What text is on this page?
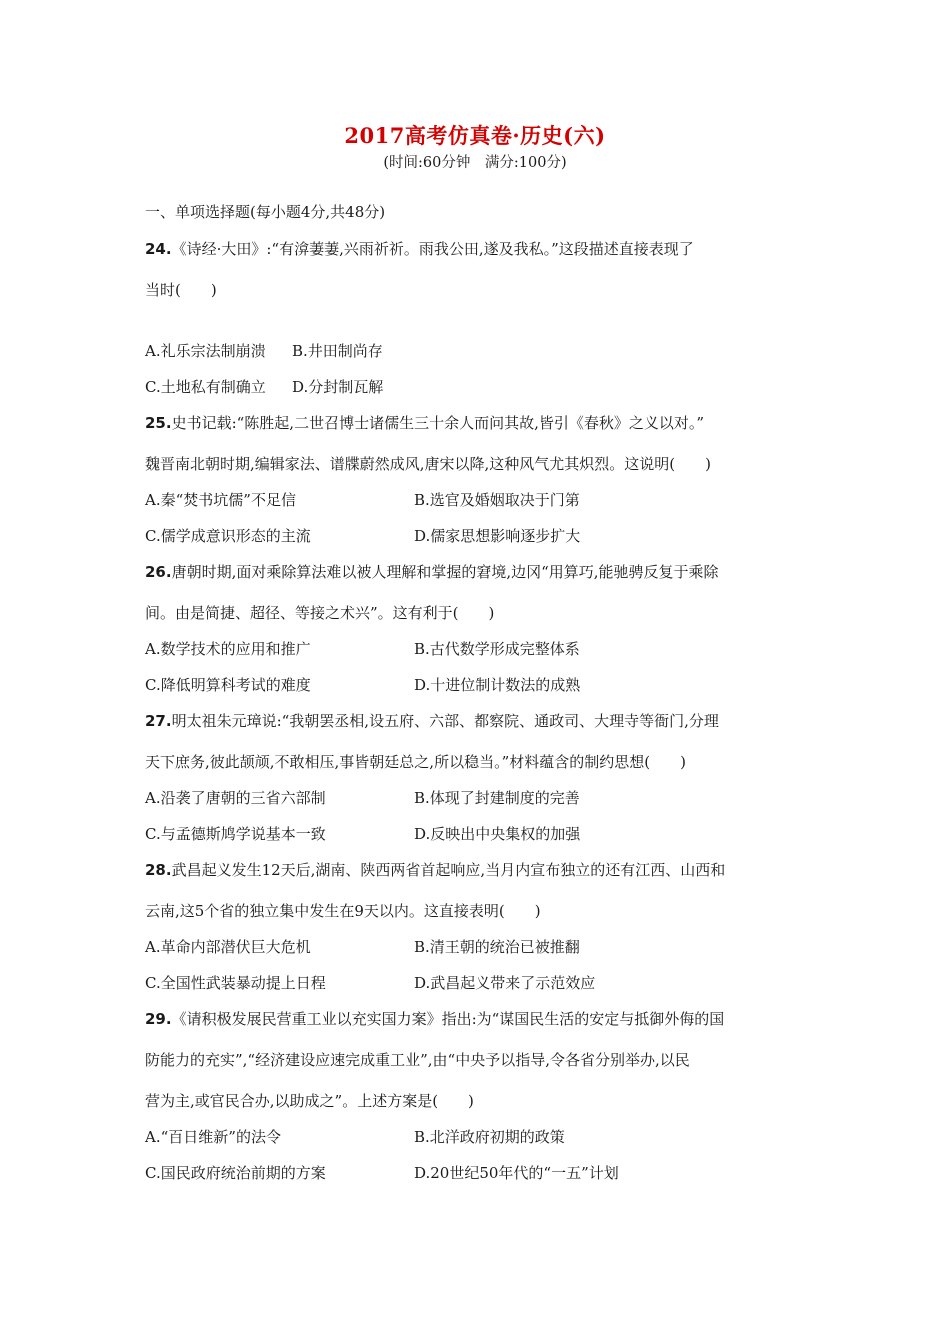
2017高考仿真卷·历史(六)
(时间:60分钟　满分:100分)
一、单项选择题(每小题4分,共48分)
24.《诗经·大田》:“有渰萋萋,兴雨祈祈。雨我公田,遂及我私。”这段描述直接表现了
当时(　　)
A.礼乐宗法制崩溃 B.井田制尚存
C.土地私有制确立 D.分封制瓦解
25.史书记载:“陈胜起,二世召博士诸儒生三十余人而问其故,皆引《春秋》之义以对。”
魏晋南北朝时期,编辑家法、谱牒蔚然成风,唐宋以降,这种风气尤其炽烈。这说明(　　)
A.秦“焚书坑儒”不足信	B.选官及婚姻取决于门第
C.儒学成意识形态的主流	D.儒家思想影响逐步扩大
26.唐朝时期,面对乘除算法难以被人理解和掌握的窘境,边冈“用算巧,能驰骋反复于乘除
间。由是简捷、超径、等接之术兴”。这有利于(　　)
A.数学技术的应用和推广	B.古代数学形成完整体系
C.降低明算科考试的难度	D.十进位制计数法的成熟
27.明太祖朱元璋说:“我朝罢丞相,设五府、六部、都察院、通政司、大理寺等衙门,分理
天下庶务,彼此颉颃,不敢相压,事皆朝廷总之,所以稳当。”材料蕴含的制约思想(　　)
A.沿袭了唐朝的三省六部制	B.体现了封建制度的完善
C.与孟德斯鸠学说基本一致	D.反映出中央集权的加强
28.武昌起义发生12天后,湖南、陕西两省首起响应,当月内宣布独立的还有江西、山西和
云南,这5个省的独立集中发生在9天以内。这直接表明(　　)
A.革命内部潜伏巨大危机	B.清王朝的统治已被推翻
C.全国性武装暴动提上日程	D.武昌起义带来了示范效应
29.《请积极发展民营重工业以充实国力案》指出:为“谋国民生活的安定与抵御外侮的国
防能力的充实”,“经济建设应速完成重工业”,由“中央予以指导,令各省分别举办,以民
营为主,或官民合办,以助成之”。上述方案是(　　)
A.“百日维新”的法令	B.北洋政府初期的政策
C.国民政府统治前期的方案	D.20世纪50年代的“一五”计划
